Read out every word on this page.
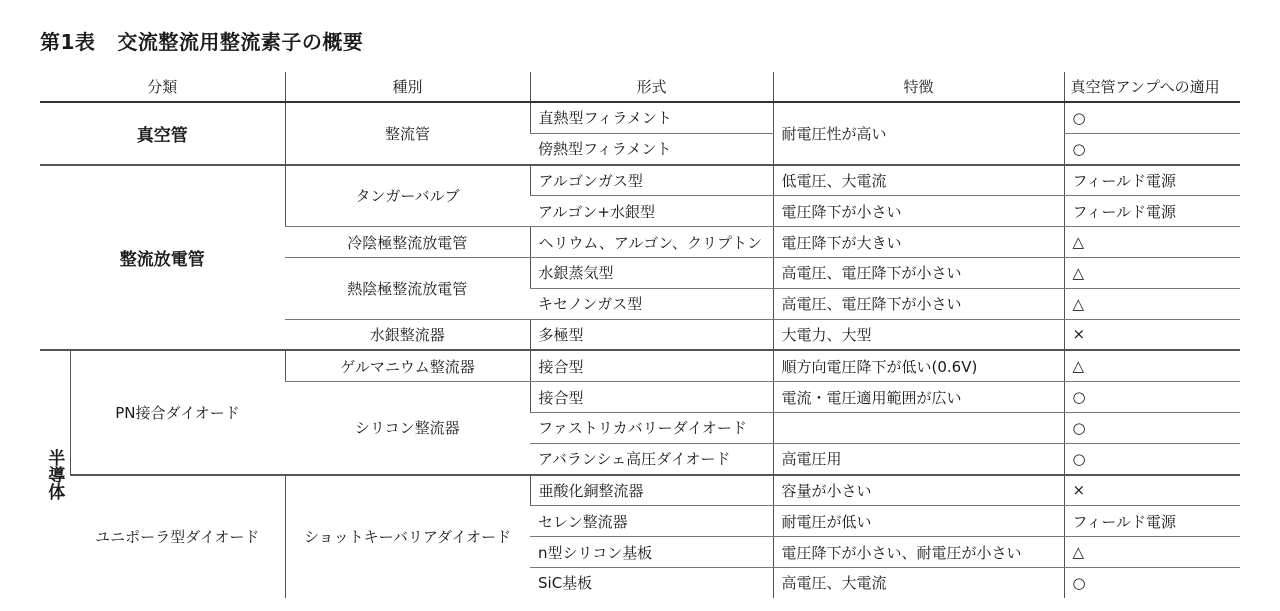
第1表 交流整流用整流素子の概要
分類		種別	形式	特徴	真空管アンプへの適用
真空管		整流管	直熱型フィラメント	耐電圧性が高い	○
			傍熱型フィラメント		○
整流放電管		タンガーバルブ	アルゴンガス型	低電圧、大電流	フィールド電源
			アルゴン+水銀型	電圧降下が小さい	フィールド電源
		冷陰極整流放電管	ヘリウム、アルゴン、クリプトン	電圧降下が大きい	△
		熱陰極整流放電管	水銀蒸気型	高電圧、電圧降下が小さい	△
			キセノンガス型	高電圧、電圧降下が小さい	△
		水銀整流器	多極型	大電力、大型	×
半導体	PN接合ダイオード	ゲルマニウム整流器	接合型	順方向電圧降下が低い(0.6V)	△
		シリコン整流器	接合型	電流・電圧適用範囲が広い	○
			ファストリカバリーダイオード		○
			アバランシェ高圧ダイオード	高電圧用	○
	ユニポーラ型ダイオード	ショットキーバリアダイオード	亜酸化銅整流器	容量が小さい	×
			セレン整流器	耐電圧が低い	フィールド電源
			n型シリコン基板	電圧降下が小さい、耐電圧が小さい	△
			SiC基板	高電圧、大電流	○
